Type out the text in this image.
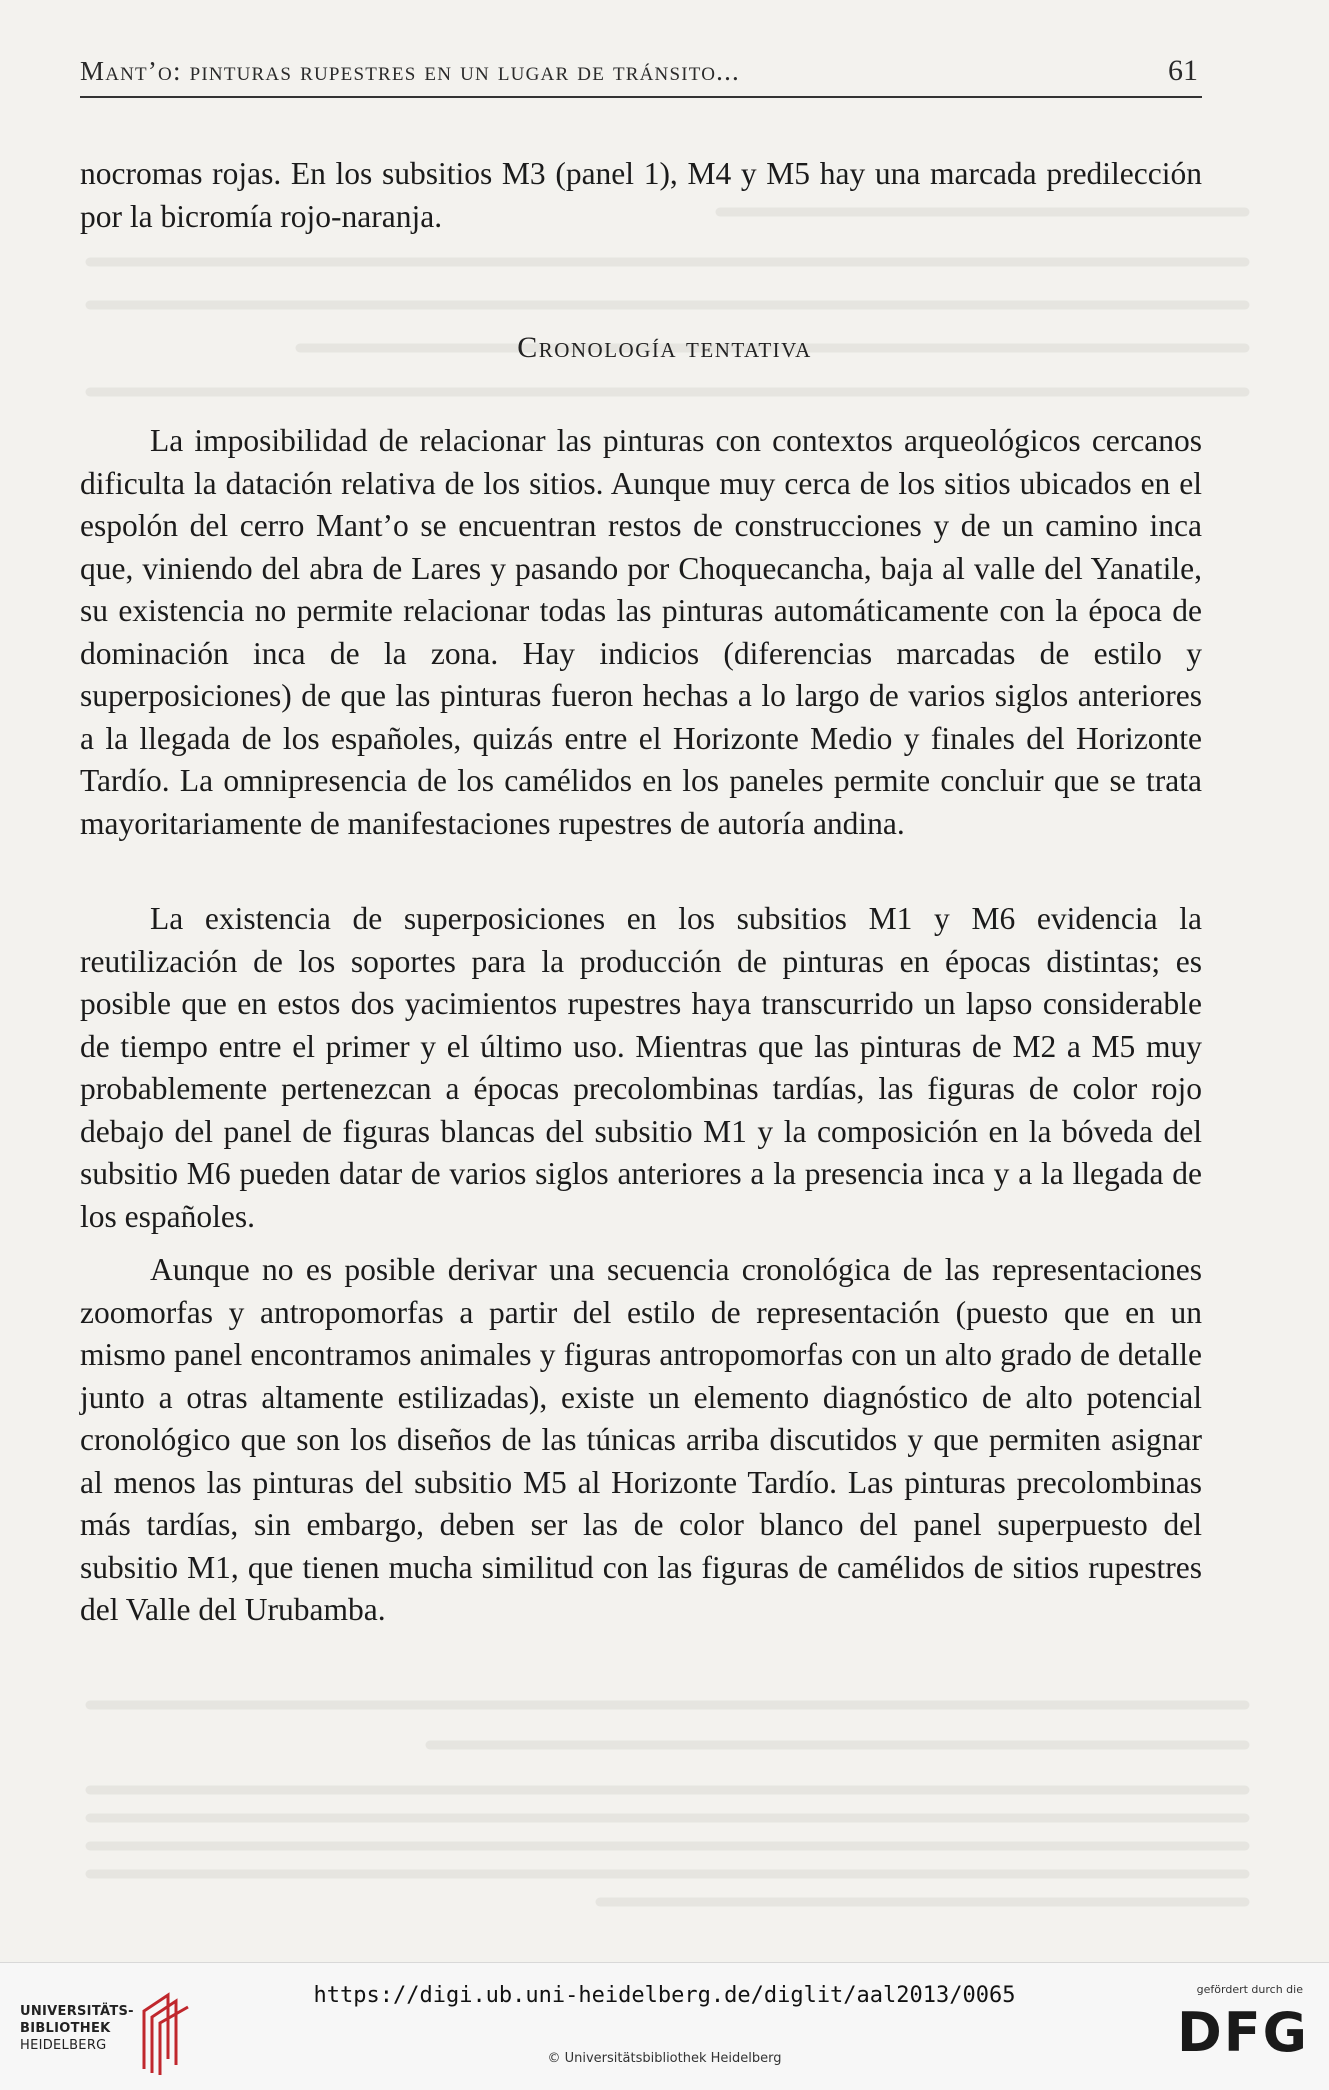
Mant’o: pinturas rupestres en un lugar de tránsito...	61

nocromas rojas. En los subsitios M3 (panel 1), M4 y M5 hay una marcada predilección por la bicromía rojo-naranja.

Cronología tentativa

La imposibilidad de relacionar las pinturas con contextos arqueológicos cercanos dificulta la datación relativa de los sitios. Aunque muy cerca de los sitios ubicados en el espolón del cerro Mant’o se encuentran restos de construcciones y de un camino inca que, viniendo del abra de Lares y pasando por Choquecancha, baja al valle del Yanatile, su existencia no permite relacionar todas las pinturas automáticamente con la época de dominación inca de la zona. Hay indicios (diferencias marcadas de estilo y superposiciones) de que las pinturas fueron hechas a lo largo de varios siglos anteriores a la llegada de los españoles, quizás entre el Horizonte Medio y finales del Horizonte Tardío. La omnipresencia de los camélidos en los paneles permite concluir que se trata mayoritariamente de manifestaciones rupestres de autoría andina.

La existencia de superposiciones en los subsitios M1 y M6 evidencia la reutilización de los soportes para la producción de pinturas en épocas distintas; es posible que en estos dos yacimientos rupestres haya transcurrido un lapso considerable de tiempo entre el primer y el último uso. Mientras que las pinturas de M2 a M5 muy probablemente pertenezcan a épocas precolombinas tardías, las figuras de color rojo debajo del panel de figuras blancas del subsitio M1 y la composición en la bóveda del subsitio M6 pueden datar de varios siglos anteriores a la presencia inca y a la llegada de los españoles.

Aunque no es posible derivar una secuencia cronológica de las representaciones zoomorfas y antropomorfas a partir del estilo de representación (puesto que en un mismo panel encontramos animales y figuras antropomorfas con un alto grado de detalle junto a otras altamente estilizadas), existe un elemento diagnóstico de alto potencial cronológico que son los diseños de las túnicas arriba discutidos y que permiten asignar al menos las pinturas del subsitio M5 al Horizonte Tardío. Las pinturas precolombinas más tardías, sin embargo, deben ser las de color blanco del panel superpuesto del subsitio M1, que tienen mucha similitud con las figuras de camélidos de sitios rupestres del Valle del Urubamba.

UNIVERSITÄTS-
BIBLIOTHEK
HEIDELBERG
https://digi.ub.uni-heidelberg.de/diglit/aal2013/0065
© Universitätsbibliothek Heidelberg
gefördert durch die
DFG
